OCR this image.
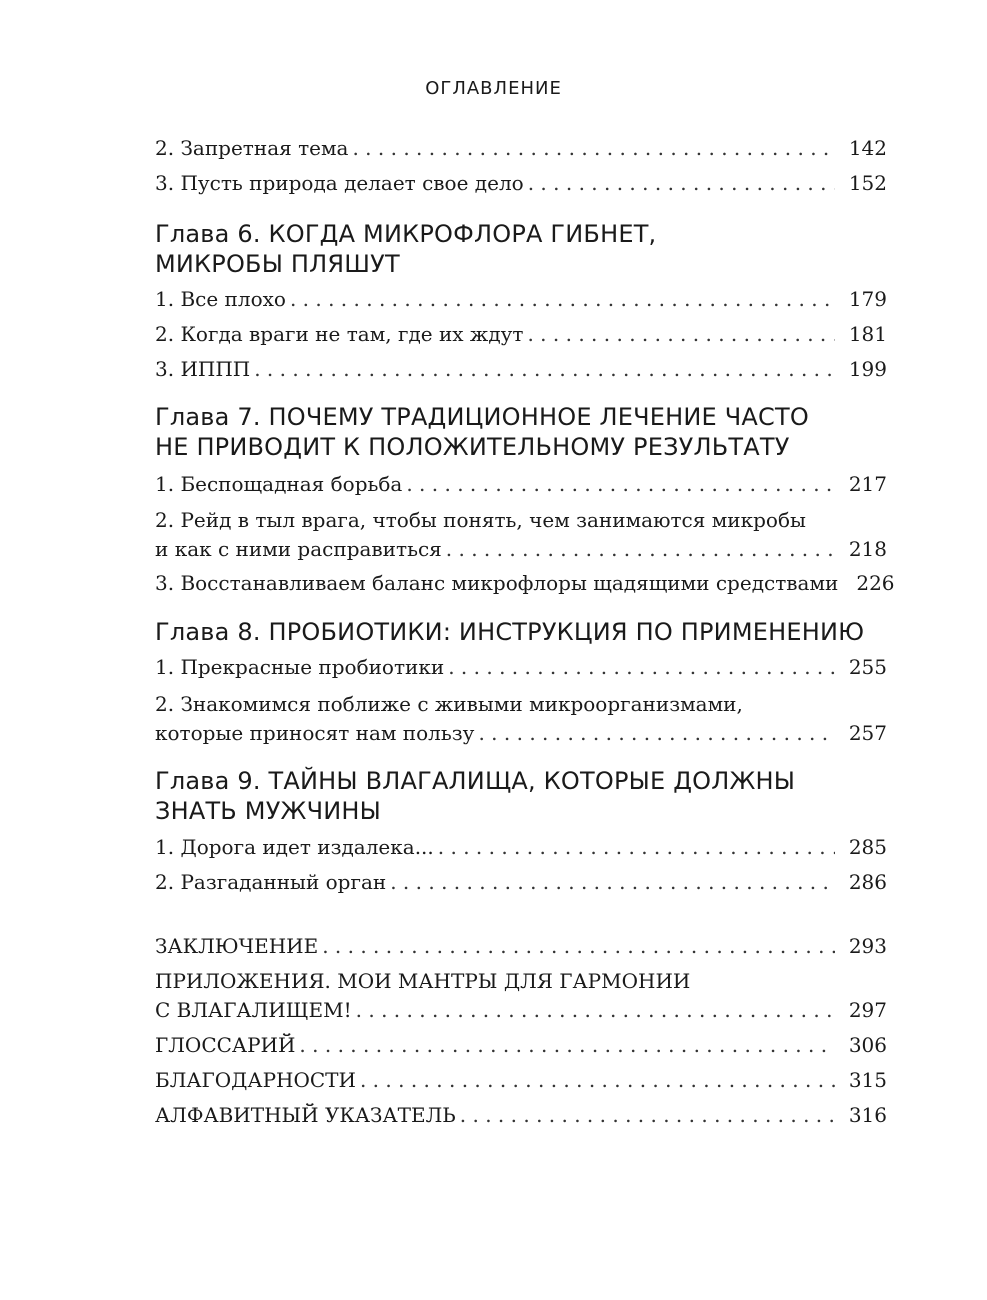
ОГЛАВЛЕНИЕ
2. Запретная тема . . .	142
3. Пусть природа делает свое дело . . .	152
Глава 6. КОГДА МИКРОФЛОРА ГИБНЕТ,
МИКРОБЫ ПЛЯШУТ
1. Все плохо . . .	179
2. Когда враги не там, где их ждут . . .	181
3. ИППП . . .	199
Глава 7. ПОЧЕМУ ТРАДИЦИОННОЕ ЛЕЧЕНИЕ ЧАСТО
НЕ ПРИВОДИТ К ПОЛОЖИТЕЛЬНОМУ РЕЗУЛЬТАТУ
1. Беспощадная борьба . . .	217
2. Рейд в тыл врага, чтобы понять, чем занимаются микробы
и как с ними расправиться . . .	218
3. Восстанавливаем баланс микрофлоры щадящими средствами 226
Глава 8. ПРОБИОТИКИ: ИНСТРУКЦИЯ ПО ПРИМЕНЕНИЮ
1. Прекрасные пробиотики . . .	255
2. Знакомимся поближе с живыми микроорганизмами,
которые приносят нам пользу . . .	257
Глава 9. ТАЙНЫ ВЛАГАЛИЩА, КОТОРЫЕ ДОЛЖНЫ
ЗНАТЬ МУЖЧИНЫ
1. Дорога идет издалека... . . .	285
2. Разгаданный орган . . .	286
ЗАКЛЮЧЕНИЕ . . .	293
ПРИЛОЖЕНИЯ. МОИ МАНТРЫ ДЛЯ ГАРМОНИИ
С ВЛАГАЛИЩЕМ! . . .	297
ГЛОССАРИЙ . . .	306
БЛАГОДАРНОСТИ . . .	315
АЛФАВИТНЫЙ УКАЗАТЕЛЬ . . .	316
